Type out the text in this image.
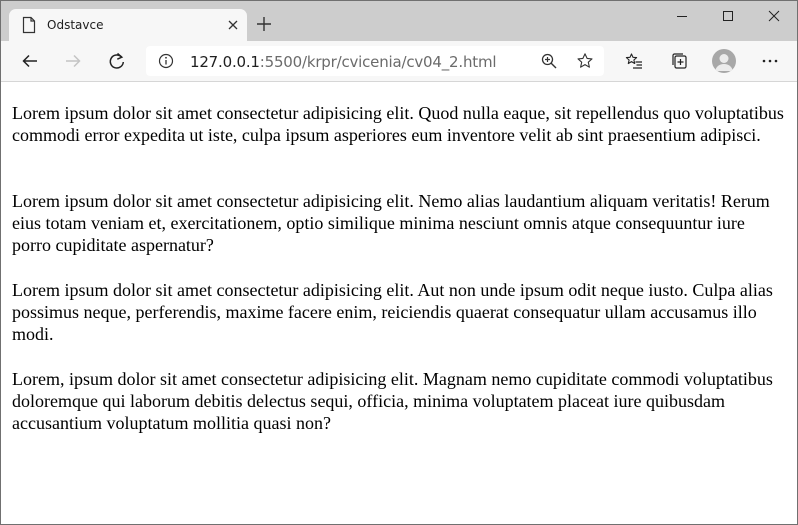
Odstavce
127.0.0.1:5500/krpr/cvicenia/cv04_2.html

Lorem ipsum dolor sit amet consectetur adipisicing elit. Quod nulla eaque, sit repellendus quo voluptatibus commodi error expedita ut iste, culpa ipsum asperiores eum inventore velit ab sint praesentium adipisci.

Lorem ipsum dolor sit amet consectetur adipisicing elit. Nemo alias laudantium aliquam veritatis! Rerum eius totam veniam et, exercitationem, optio similique minima nesciunt omnis atque consequuntur iure porro cupiditate aspernatur?

Lorem ipsum dolor sit amet consectetur adipisicing elit. Aut non unde ipsum odit neque iusto. Culpa alias possimus neque, perferendis, maxime facere enim, reiciendis quaerat consequatur ullam accusamus illo modi.

Lorem, ipsum dolor sit amet consectetur adipisicing elit. Magnam nemo cupiditate commodi voluptatibus doloremque qui laborum debitis delectus sequi, officia, minima voluptatem placeat iure quibusdam accusantium voluptatum mollitia quasi non?
